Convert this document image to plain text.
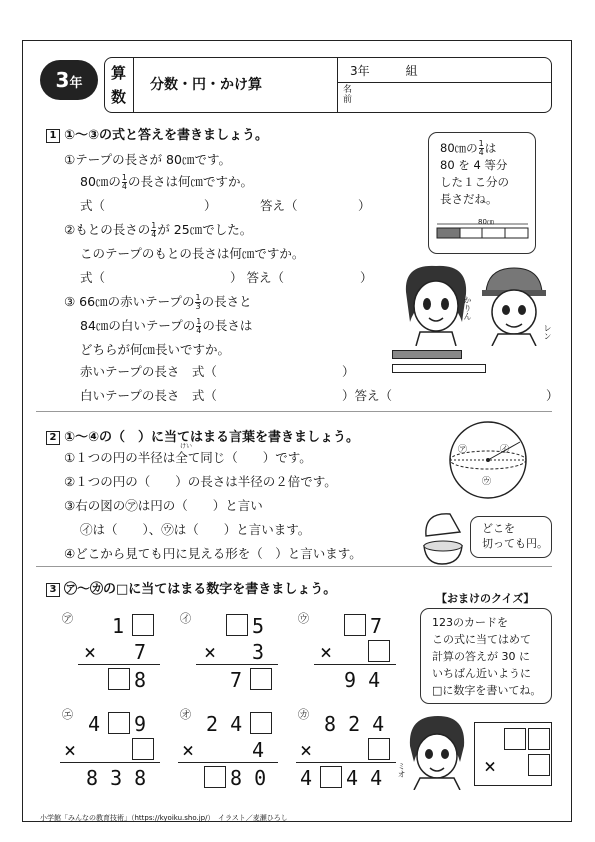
3年
算
数
分数・円・かけ算
3年　　　組
名
前
1 ①〜③の式と答えを書きましょう。
①テープの長さが 80㎝です。
80㎝の $\frac{1}{4}$ の長さは何㎝ですか。
式（	）	答え（	）
②もとの長さの $\frac{1}{4}$ が 25㎝でした。
このテープのもとの長さは何㎝ですか。
式（	） 答え（	）
③ 66㎝の赤いテープの $\frac{1}{3}$ の長さと
84㎝の白いテープの $\frac{1}{4}$ の長さは
どちらが何㎝長いですか。
赤いテープの長さ　式（	）
白いテープの長さ　式（	）答え（	）
80㎝の $\frac{1}{4}$ は
80 を 4 等分
した１こ分の
長さだね。
80㎝
かりん
レン
2 ①〜④の（　）に当てはまる言葉を書きましょう。
けい
①１つの円の半径は全て同じ（　　）です。
②１つの円の（　　）の長さは半径の２倍です。
③右の図の㋐は円の（　　）と言い
㋑は（　　）、㋒は（　　）と言います。
④どこから見ても円に見える形を（　）と言います。
㋐	㋑
㋒
どこを
切っても円。
3 ㋐〜㋕の□に当てはまる数字を書きましょう。
㋐ 1
× 7
8
㋑	5
× 3
7
㋒	7
×
9 4
㋓ 4 9
×
8 3 8
㋔ 2 4
×	4
8 0
㋕ 8 2 4
×
4 4 4
【おまけのクイズ】
123のカードを
この式に当てはめて
計算の答えが 30 に
いちばん近いように
□に数字を書いてね。
ミオ	×
小学館「みんなの教育技術」（https://kyoiku.sho.jp/）　イラスト／麦瀬ひろし
